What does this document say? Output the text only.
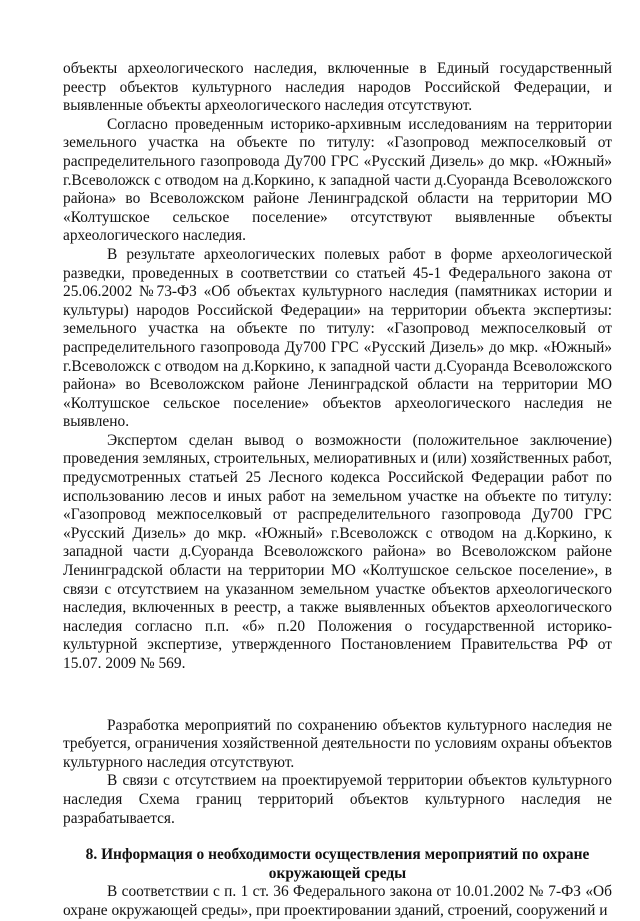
объекты археологического наследия, включенные в Единый государственный реестр объектов культурного наследия народов Российской Федерации, и выявленные объекты археологического наследия отсутствуют.

Согласно проведенным историко-архивным исследованиям на территории земельного участка на объекте по титулу: «Газопровод межпоселковый от распределительного газопровода Ду700 ГРС «Русский Дизель» до мкр. «Южный» г.Всеволожск с отводом на д.Коркино, к западной части д.Суоранда Всеволожского района» во Всеволожском районе Ленинградской области на территории МО «Колтушское сельское поселение» отсутствуют выявленные объекты археологического наследия.

В результате археологических полевых работ в форме археологической разведки, проведенных в соответствии со статьей 45-1 Федерального закона от 25.06.2002 №73-ФЗ «Об объектах культурного наследия (памятниках истории и культуры) народов Российской Федерации» на территории объекта экспертизы: земельного участка на объекте по титулу: «Газопровод межпоселковый от распределительного газопровода Ду700 ГРС «Русский Дизель» до мкр. «Южный» г.Всеволожск с отводом на д.Коркино, к западной части д.Суоранда Всеволожского района» во Всеволожском районе Ленинградской области на территории МО «Колтушское сельское поселение» объектов археологического наследия не выявлено.

Экспертом сделан вывод о возможности (положительное заключение) проведения земляных, строительных, мелиоративных и (или) хозяйственных работ, предусмотренных статьей 25 Лесного кодекса Российской Федерации работ по использованию лесов и иных работ на земельном участке на объекте по титулу: «Газопровод межпоселковый от распределительного газопровода Ду700 ГРС «Русский Дизель» до мкр. «Южный» г.Всеволожск с отводом на д.Коркино, к западной части д.Суоранда Всеволожского района» во Всеволожском районе Ленинградской области на территории МО «Колтушское сельское поселение», в связи с отсутствием на указанном земельном участке объектов археологического наследия, включенных в реестр, а также выявленных объектов археологического наследия согласно п.п. «б» п.20 Положения о государственной историко-культурной экспертизе, утвержденного Постановлением Правительства РФ от 15.07. 2009 № 569.

Разработка мероприятий по сохранению объектов культурного наследия не требуется, ограничения хозяйственной деятельности по условиям охраны объектов культурного наследия отсутствуют.

В связи с отсутствием на проектируемой территории объектов культурного наследия Схема границ территорий объектов культурного наследия не разрабатывается.

8. Информация о необходимости осуществления мероприятий по охране
окружающей среды

В соответствии с п. 1 ст. 36 Федерального закона от 10.01.2002 № 7-ФЗ «Об охране окружающей среды», при проектировании зданий, строений, сооружений и
